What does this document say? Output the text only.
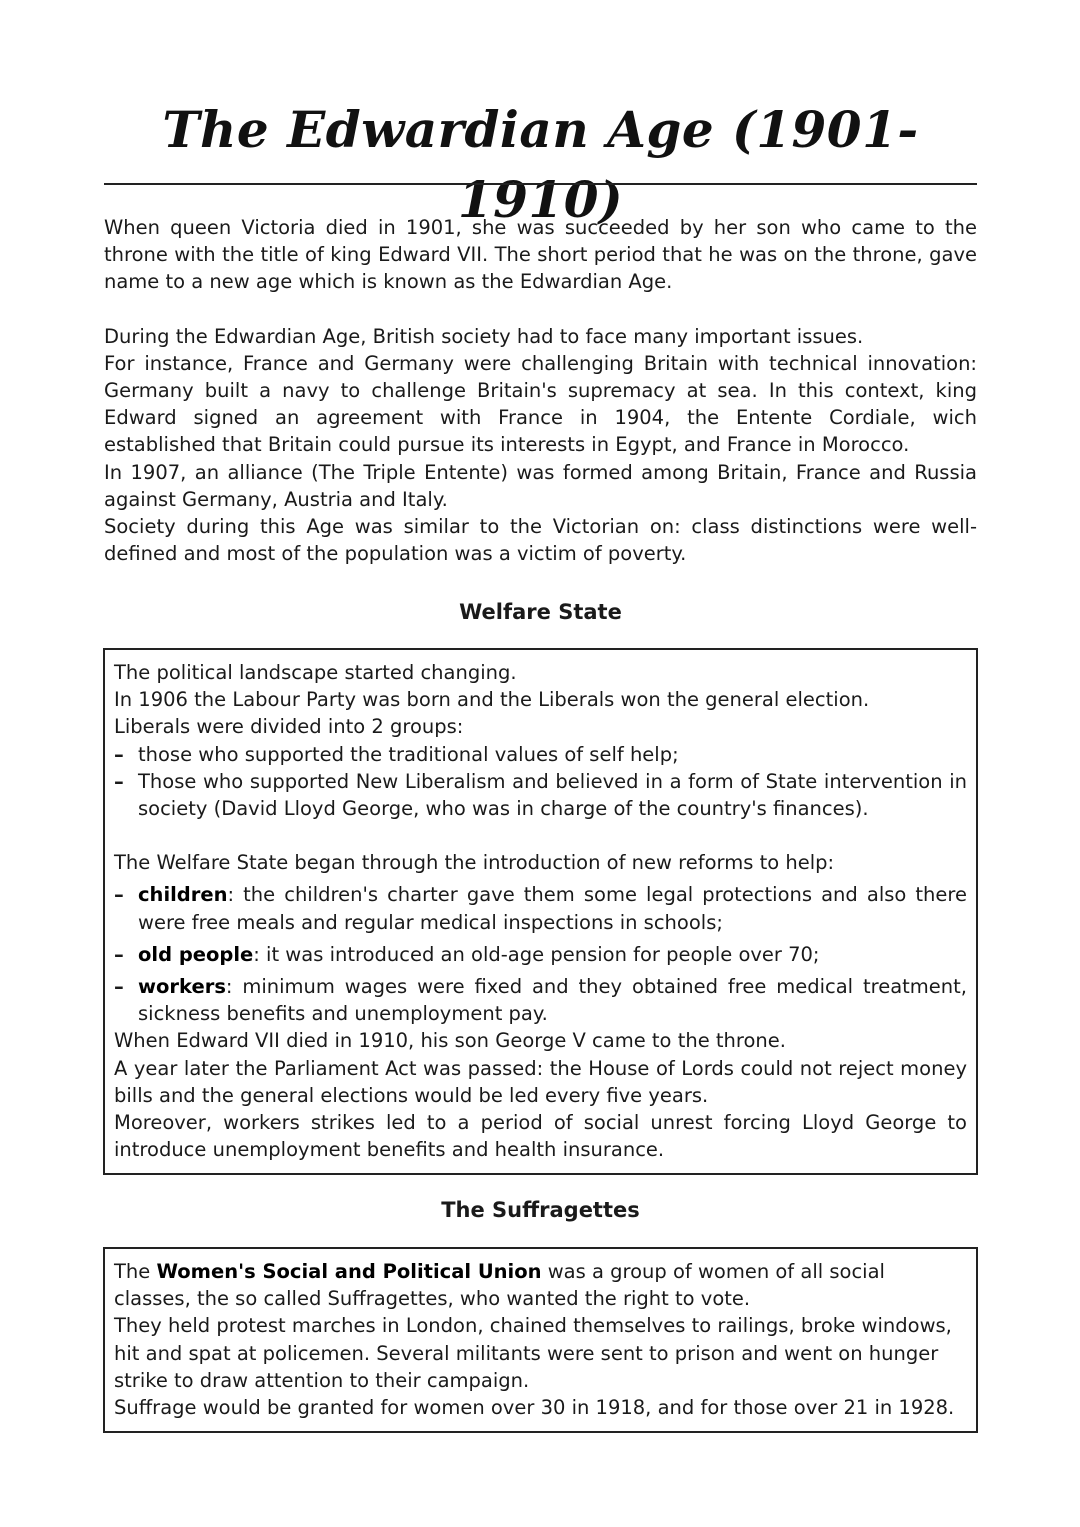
The Edwardian Age (1901-1910)

When queen Victoria died in 1901, she was succeeded by her son who came to the throne with the title of king Edward VII. The short period that he was on the throne, gave name to a new age which is known as the Edwardian Age.

During the Edwardian Age, British society had to face many important issues.

For instance, France and Germany were challenging Britain with technical innovation: Germany built a navy to challenge Britain's supremacy at sea. In this context, king Edward signed an agreement with France in 1904, the Entente Cordiale, wich established that Britain could pursue its interests in Egypt, and France in Morocco.

In 1907, an alliance (The Triple Entente) was formed among Britain, France and Russia against Germany, Austria and Italy.

Society during this Age was similar to the Victorian on: class distinctions were well-defined and most of the population was a victim of poverty.

Welfare State

The political landscape started changing.

In 1906 the Labour Party was born and the Liberals won the general election.

Liberals were divided into 2 groups:

– those who supported the traditional values of self help;
– Those who supported New Liberalism and believed in a form of State intervention in society (David Lloyd George, who was in charge of the country's finances).

The Welfare State began through the introduction of new reforms to help:

– children: the children's charter gave them some legal protections and also there were free meals and regular medical inspections in schools;
– old people: it was introduced an old-age pension for people over 70;
– workers: minimum wages were fixed and they obtained free medical treatment, sickness benefits and unemployment pay.

When Edward VII died in 1910, his son George V came to the throne.

A year later the Parliament Act was passed: the House of Lords could not reject money bills and the general elections would be led every five years.

Moreover, workers strikes led to a period of social unrest forcing Lloyd George to introduce unemployment benefits and health insurance.

The Suffragettes

The Women's Social and Political Union was a group of women of all social classes, the so called Suffragettes, who wanted the right to vote.

They held protest marches in London, chained themselves to railings, broke windows, hit and spat at policemen. Several militants were sent to prison and went on hunger strike to draw attention to their campaign.

Suffrage would be granted for women over 30 in 1918, and for those over 21 in 1928.
